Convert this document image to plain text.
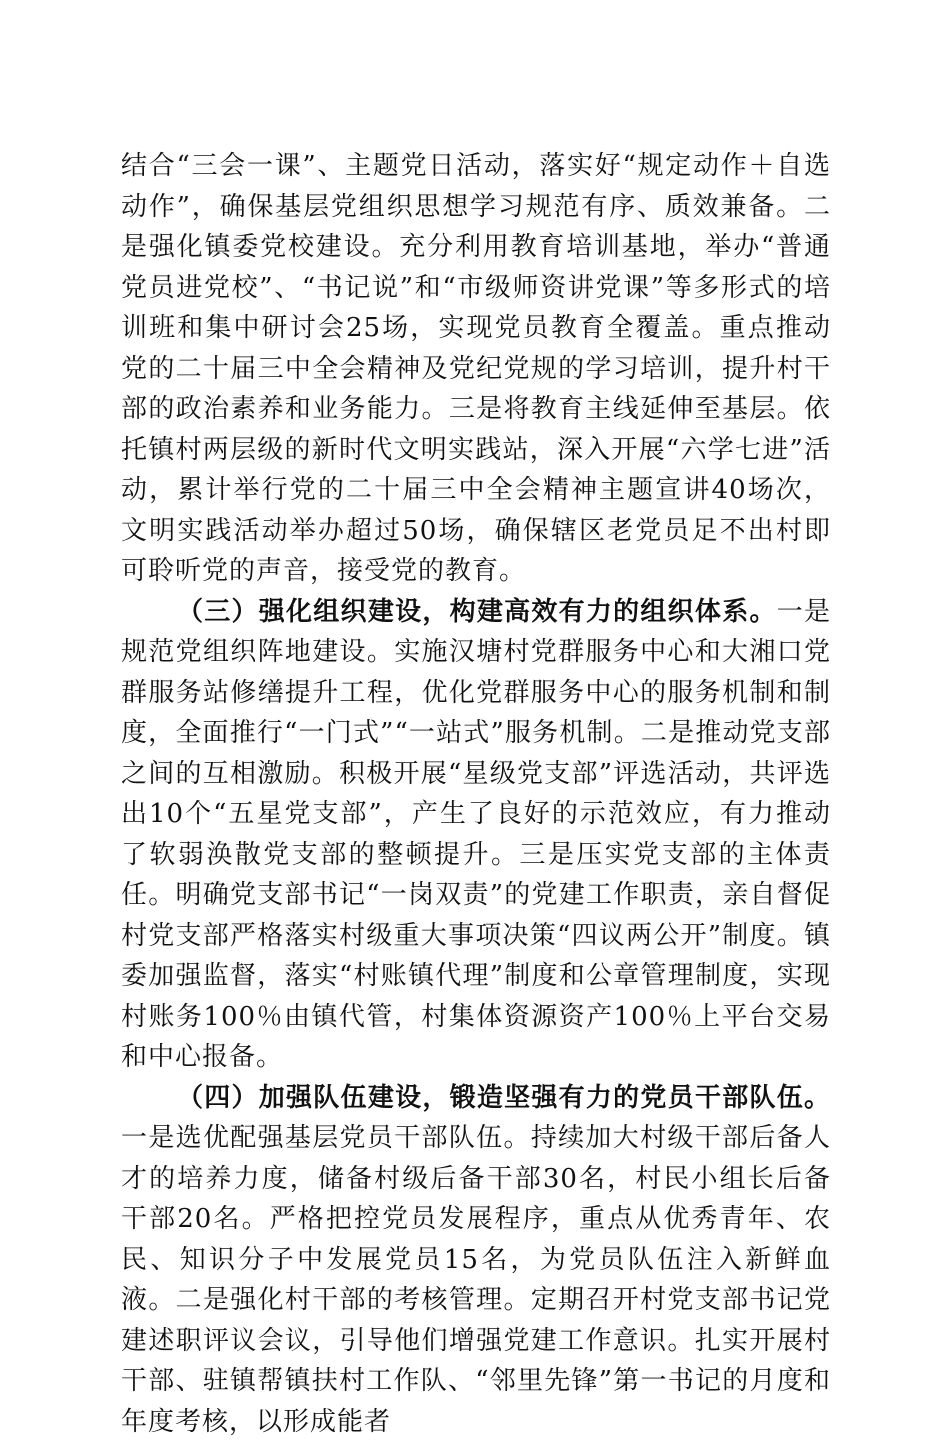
结合“三会一课”、主题党日活动，落实好“规定动作＋自选动作”，确保基层党组织思想学习规范有序、质效兼备。二是强化镇委党校建设。充分利用教育培训基地，举办“普通党员进党校”、“书记说”和“市级师资讲党课”等多形式的培训班和集中研讨会25场，实现党员教育全覆盖。重点推动党的二十届三中全会精神及党纪党规的学习培训，提升村干部的政治素养和业务能力。三是将教育主线延伸至基层。依托镇村两层级的新时代文明实践站，深入开展“六学七进”活动，累计举行党的二十届三中全会精神主题宣讲40场次，文明实践活动举办超过50场，确保辖区老党员足不出村即可聆听党的声音，接受党的教育。

（三）强化组织建设，构建高效有力的组织体系。一是规范党组织阵地建设。实施汉塘村党群服务中心和大湘口党群服务站修缮提升工程，优化党群服务中心的服务机制和制度，全面推行“一门式”“一站式”服务机制。二是推动党支部之间的互相激励。积极开展“星级党支部”评选活动，共评选出10个“五星党支部”，产生了良好的示范效应，有力推动了软弱涣散党支部的整顿提升。三是压实党支部的主体责任。明确党支部书记“一岗双责”的党建工作职责，亲自督促村党支部严格落实村级重大事项决策“四议两公开”制度。镇委加强监督，落实“村账镇代理”制度和公章管理制度，实现村账务100％由镇代管，村集体资源资产100％上平台交易和中心报备。

（四）加强队伍建设，锻造坚强有力的党员干部队伍。一是选优配强基层党员干部队伍。持续加大村级干部后备人才的培养力度，储备村级后备干部30名，村民小组长后备干部20名。严格把控党员发展程序，重点从优秀青年、农民、知识分子中发展党员15名，为党员队伍注入新鲜血液。二是强化村干部的考核管理。定期召开村党支部书记党建述职评议会议，引导他们增强党建工作意识。扎实开展村干部、驻镇帮镇扶村工作队、“邻里先锋”第一书记的月度和年度考核，以形成能者
